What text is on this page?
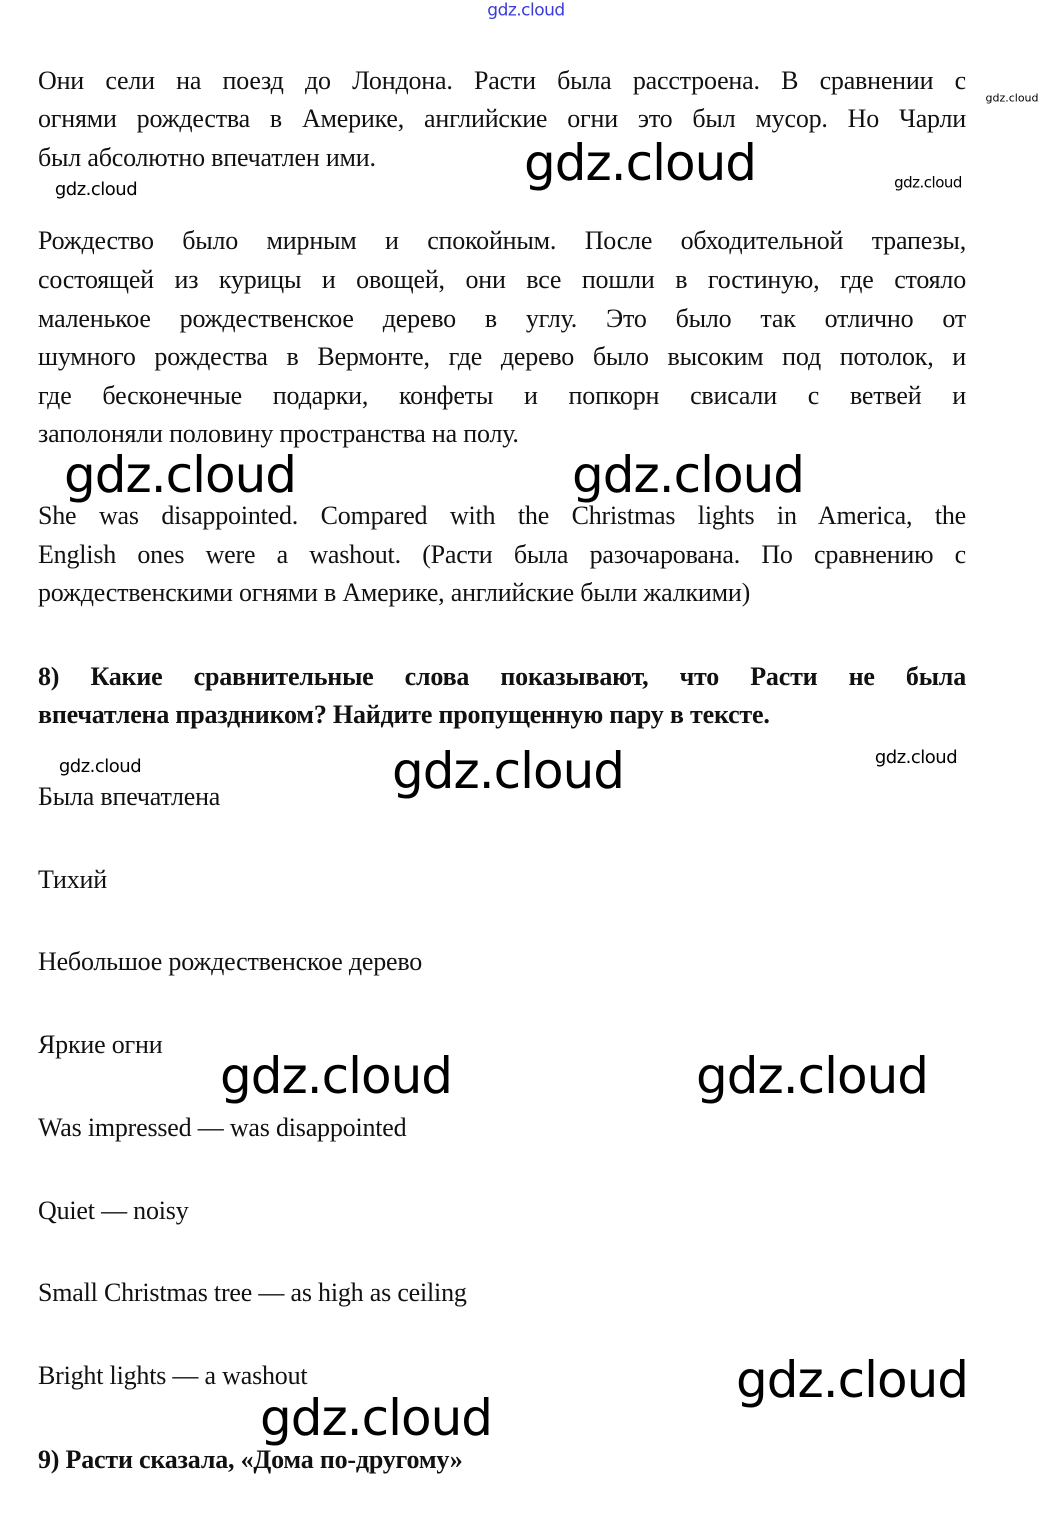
gdz.cloud
Они сели на поезд до Лондона. Расти была расстроена. В сравнении с
огнями рождества в Америке, английские огни это был мусор. Но Чарли
был абсолютно впечатлен ими.
Рождество было мирным и спокойным. После обходительной трапезы,
состоящей из курицы и овощей, они все пошли в гостиную, где стояло
маленькое рождественское дерево в углу. Это было так отлично от
шумного рождества в Вермонте, где дерево было высоким под потолок, и
где бесконечные подарки, конфеты и попкорн свисали с ветвей и
заполоняли половину пространства на полу.
She was disappointed. Compared with the Christmas lights in America, the
English ones were a washout. (Расти была разочарована. По сравнению с
рождественскими огнями в Америке, английские были жалкими)
8) Какие сравнительные слова показывают, что Расти не была
впечатлена праздником? Найдите пропущенную пару в тексте.
Была впечатлена
Тихий
Небольшое рождественское дерево
Яркие огни
Was impressed — was disappointed
Quiet — noisy
Small Christmas tree — as high as ceiling
Bright lights — a washout
9) Расти сказала, «Дома по-другому»
gdz.cloud
gdz.cloud	gdz.cloud
gdz.cloud
gdz.cloud	gdz.cloud
gdz.cloud
gdz.cloud
gdz.cloud	gdz.cloud
gdz.cloud
gdz.cloud	gdz.cloud
